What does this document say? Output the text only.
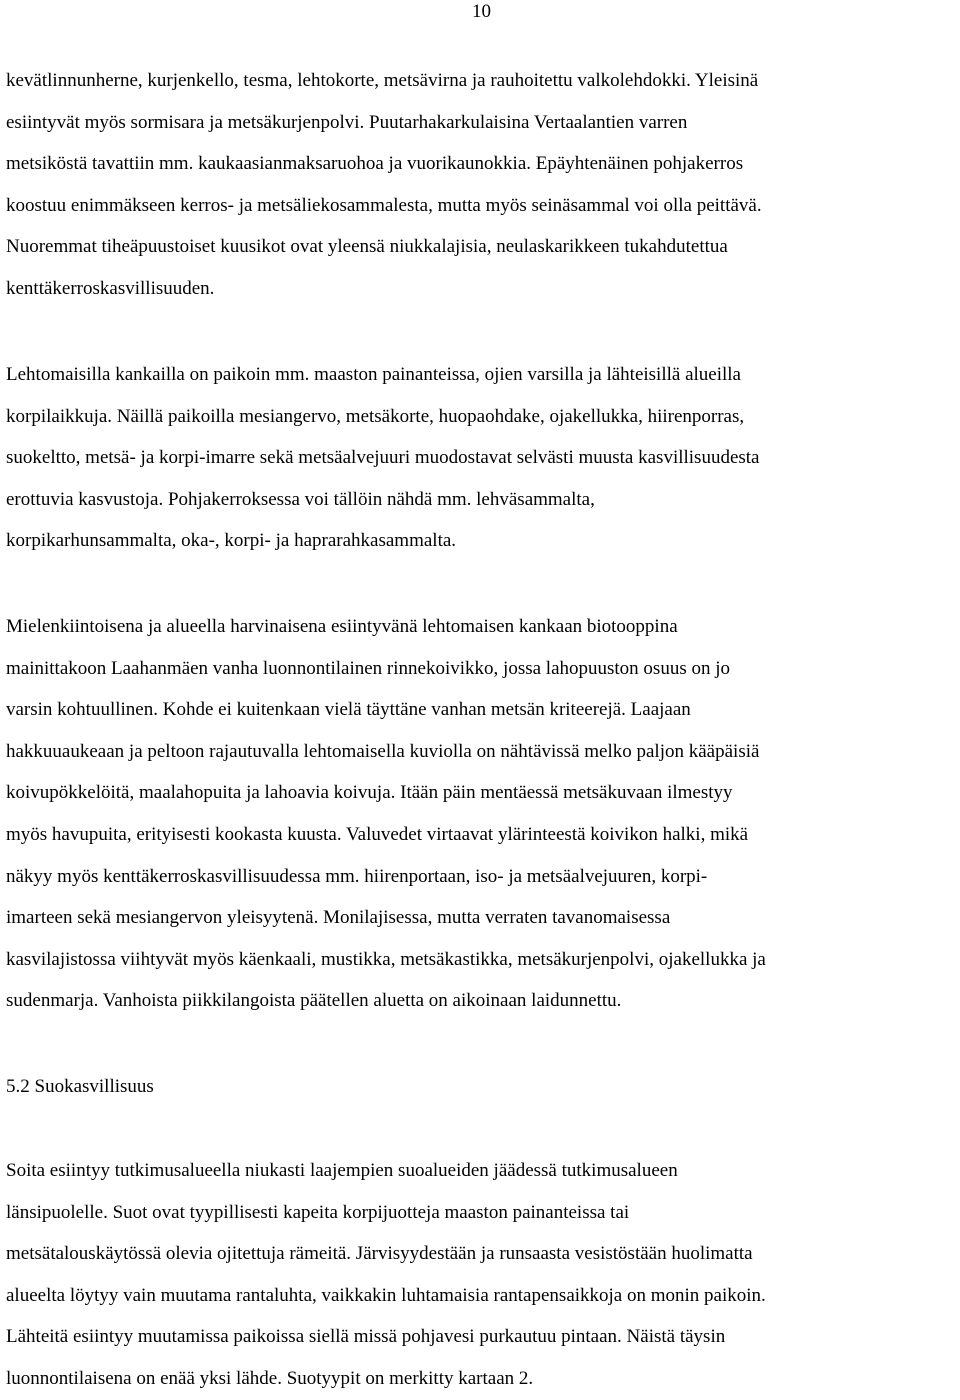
10
kevätlinnunherne, kurjenkello, tesma, lehtokorte, metsävirna ja rauhoitettu valkolehdokki. Yleisinä
esiintyvät myös sormisara ja metsäkurjenpolvi. Puutarhakarkulaisina Vertaalantien varren
metsiköstä tavattiin mm. kaukaasianmaksaruohoa ja vuorikaunokkia. Epäyhtenäinen pohjakerros
koostuu enimmäkseen kerros- ja metsäliekosammalesta, mutta myös seinäsammal voi olla peittävä.
Nuoremmat tiheäpuustoiset kuusikot ovat yleensä niukkalajisia, neulaskarikkeen tukahdutettua
kenttäkerroskasvillisuuden.
Lehtomaisilla kankailla on paikoin mm. maaston painanteissa, ojien varsilla ja lähteisillä alueilla
korpilaikkuja. Näillä paikoilla mesiangervo, metsäkorte, huopaohdake, ojakellukka, hiirenporras,
suokeltto, metsä- ja korpi-imarre sekä metsäalvejuuri muodostavat selvästi muusta kasvillisuudesta
erottuvia kasvustoja. Pohjakerroksessa voi tällöin nähdä mm. lehväsammalta,
korpikarhunsammalta, oka-, korpi- ja haprarahkasammalta.
Mielenkiintoisena ja alueella harvinaisena esiintyvänä lehtomaisen kankaan biotooppina
mainittakoon Laahanmäen vanha luonnontilainen rinnekoivikko, jossa lahopuuston osuus on jo
varsin kohtuullinen. Kohde ei kuitenkaan vielä täyttäne vanhan metsän kriteerejä. Laajaan
hakkuuaukeaan ja peltoon rajautuvalla lehtomaisella kuviolla on nähtävissä melko paljon kääpäisiä
koivupökkelöitä, maalahopuita ja lahoavia koivuja. Itään päin mentäessä metsäkuvaan ilmestyy
myös havupuita, erityisesti kookasta kuusta. Valuvedet virtaavat ylärinteestä koivikon halki, mikä
näkyy myös kenttäkerroskasvillisuudessa mm. hiirenportaan, iso- ja metsäalvejuuren, korpi-
imarteen sekä mesiangervon yleisyytenä. Monilajisessa, mutta verraten tavanomaisessa
kasvilajistossa viihtyvät myös käenkaali, mustikka, metsäkastikka, metsäkurjenpolvi, ojakellukka ja
sudenmarja. Vanhoista piikkilangoista päätellen aluetta on aikoinaan laidunnettu.
5.2 Suokasvillisuus
Soita esiintyy tutkimusalueella niukasti laajempien suoalueiden jäädessä tutkimusalueen
länsipuolelle. Suot ovat tyypillisesti kapeita korpijuotteja maaston painanteissa tai
metsätalouskäytössä olevia ojitettuja rämeitä. Järvisyydestään ja runsaasta vesistöstään huolimatta
alueelta löytyy vain muutama rantaluhta, vaikkakin luhtamaisia rantapensaikkoja on monin paikoin.
Lähteitä esiintyy muutamissa paikoissa siellä missä pohjavesi purkautuu pintaan. Näistä täysin
luonnontilaisena on enää yksi lähde. Suotyypit on merkitty kartaan 2.
